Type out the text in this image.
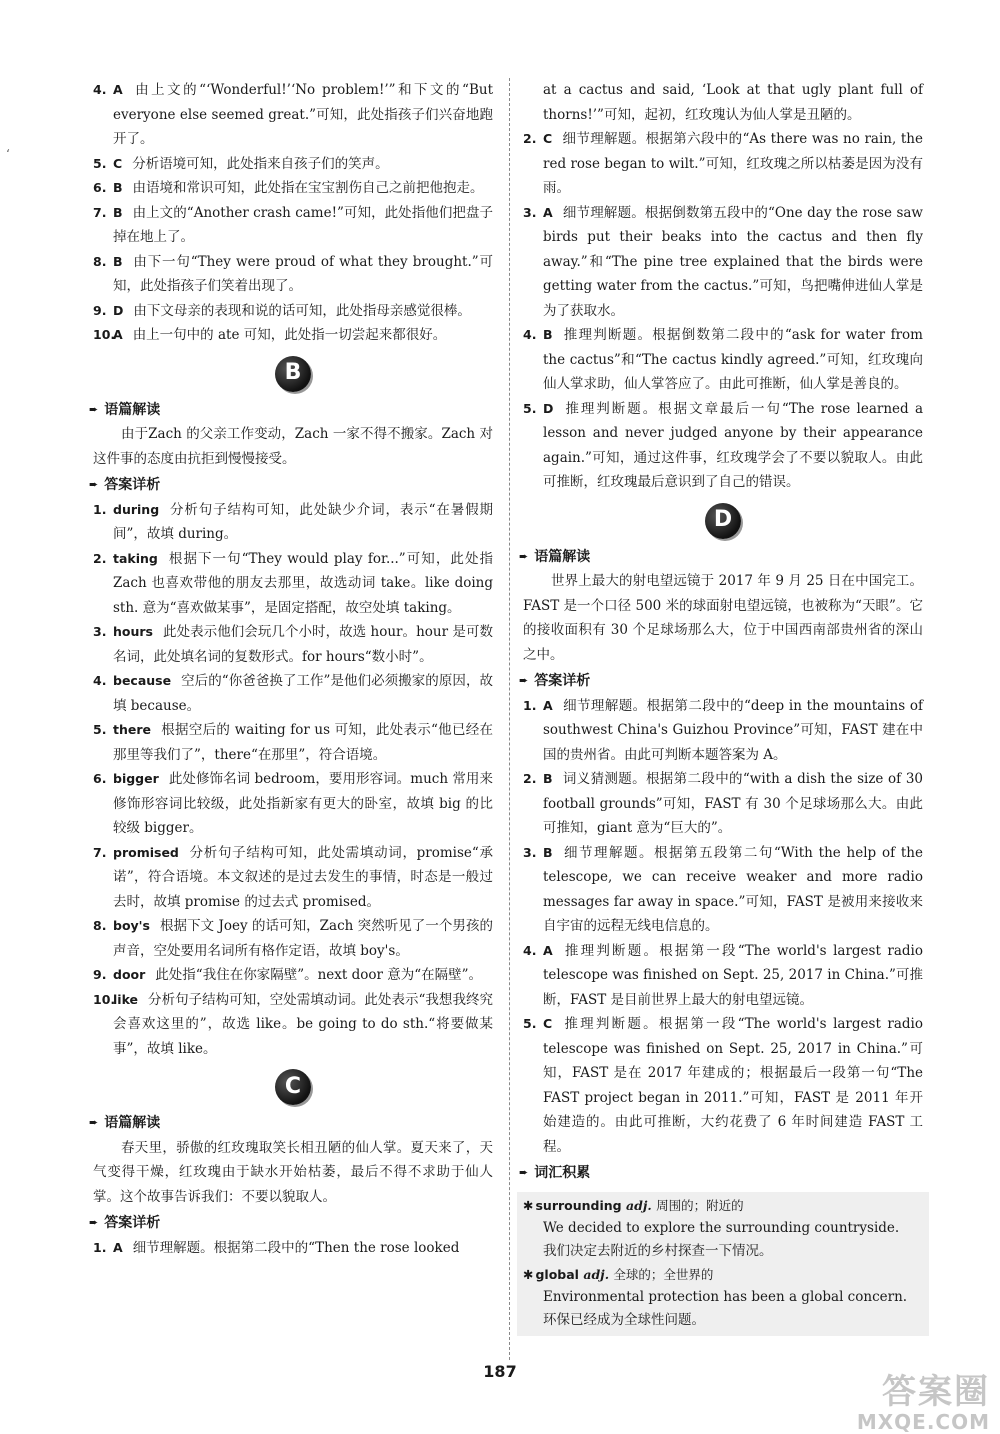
‘
4. A 由上文的“‘Wonderful!’‘No problem!’”和下文的“But everyone else seemed great.”可知，此处指孩子们兴奋地跑开了。
5. C 分析语境可知，此处指来自孩子们的笑声。
6. B 由语境和常识可知，此处指在宝宝割伤自己之前把他抱走。
7. B 由上文的“Another crash came!”可知，此处指他们把盘子掉在地上了。
8. B 由下一句“They were proud of what they brought.”可知，此处指孩子们笑着出现了。
9. D 由下文母亲的表现和说的话可知，此处指母亲感觉很棒。
10.
A 由上一句中的 ate 可知，此处指一切尝起来都很好。
B
➨ 语篇解读

由于Zach 的父亲工作变动，Zach 一家不得不搬家。Zach 对这件事的态度由抗拒到慢慢接受。

➨ 答案详析
1. during 分析句子结构可知，此处缺少介词，表示“在暑假期间”，故填 during。
2. taking 根据下一句“They would play for...”可知，此处指 Zach 也喜欢带他的朋友去那里，故选动词 take。like doing sth. 意为“喜欢做某事”，是固定搭配，故空处填 taking。
3. hours 此处表示他们会玩几个小时，故选 hour。hour 是可数名词，此处填名词的复数形式。for hours“数小时”。
4. because 空后的“你爸爸换了工作”是他们必须搬家的原因，故填 because。
5. there 根据空后的 waiting for us 可知，此处表示“他已经在那里等我们了”，there“在那里”，符合语境。
6. bigger 此处修饰名词 bedroom，要用形容词。much 常用来修饰形容词比较级，此处指新家有更大的卧室，故填 big 的比较级 bigger。
7. promised 分析句子结构可知，此处需填动词，promise“承诺”，符合语境。本文叙述的是过去发生的事情，时态是一般过去时，故填 promise 的过去式 promised。
8. boy's 根据下文 Joey 的话可知，Zach 突然听见了一个男孩的声音，空处要用名词所有格作定语，故填 boy's。
9. door 此处指“我住在你家隔壁”。next door 意为“在隔壁”。
10.
like 分析句子结构可知，空处需填动词。此处表示“我想我终究会喜欢这里的”，故选 like。be going to do sth.“将要做某事”，故填 like。
C
➨ 语篇解读

春天里，骄傲的红玫瑰取笑长相丑陋的仙人掌。夏天来了，天气变得干燥，红玫瑰由于缺水开始枯萎，最后不得不求助于仙人掌。这个故事告诉我们：不要以貌取人。

➨ 答案详析
1. A 细节理解题。根据第二段中的“Then the rose looked
at a cactus and said, ‘Look at that ugly plant full of thorns!’”可知，起初，红玫瑰认为仙人掌是丑陋的。
2. C 细节理解题。根据第六段中的“As there was no rain, the red rose began to wilt.”可知，红玫瑰之所以枯萎是因为没有雨。
3. A 细节理解题。根据倒数第五段中的“One day the rose saw birds put their beaks into the cactus and then fly away.”和“The pine tree explained that the birds were getting water from the cactus.”可知，鸟把嘴伸进仙人掌是为了获取水。
4. B 推理判断题。根据倒数第二段中的“ask for water from the cactus”和“The cactus kindly agreed.”可知，红玫瑰向仙人掌求助，仙人掌答应了。由此可推断，仙人掌是善良的。
5. D 推理判断题。根据文章最后一句“The rose learned a lesson and never judged anyone by their appearance again.”可知，通过这件事，红玫瑰学会了不要以貌取人。由此可推断，红玫瑰最后意识到了自己的错误。
D
➨ 语篇解读

世界上最大的射电望远镜于 2017 年 9 月 25 日在中国完工。FAST 是一个口径 500 米的球面射电望远镜，也被称为“天眼”。它的接收面积有 30 个足球场那么大，位于中国西南部贵州省的深山之中。

➨ 答案详析
1. A 细节理解题。根据第二段中的“deep in the mountains of southwest China's Guizhou Province”可知，FAST 建在中国的贵州省。由此可判断本题答案为 A。
2. B 词义猜测题。根据第二段中的“with a dish the size of 30 football grounds”可知，FAST 有 30 个足球场那么大。由此可推知，giant 意为“巨大的”。
3. B 细节理解题。根据第五段第二句“With the help of the telescope, we can receive weaker and more radio messages far away in space.”可知，FAST 是被用来接收来自宇宙的远程无线电信息的。
4. A 推理判断题。根据第一段“The world's largest radio telescope was finished on Sept. 25, 2017 in China.”可推断，FAST 是目前世界上最大的射电望远镜。
5. C 推理判断题。根据第一段“The world's largest radio telescope was finished on Sept. 25, 2017 in China.”可知，FAST 是在 2017 年建成的；根据最后一段第一句“The FAST project began in 2011.”可知，FAST 是 2011 年开始建造的。由此可推断，大约花费了 6 年时间建造 FAST 工程。
➨ 词汇积累
✱ surrounding adj. 周围的；附近的
We decided to explore the surrounding countryside.
我们决定去附近的乡村探查一下情况。
✱ global adj. 全球的；全世界的
Environmental protection has been a global concern.
环保已经成为全球性问题。
187
答案圈
MXQE.COM
